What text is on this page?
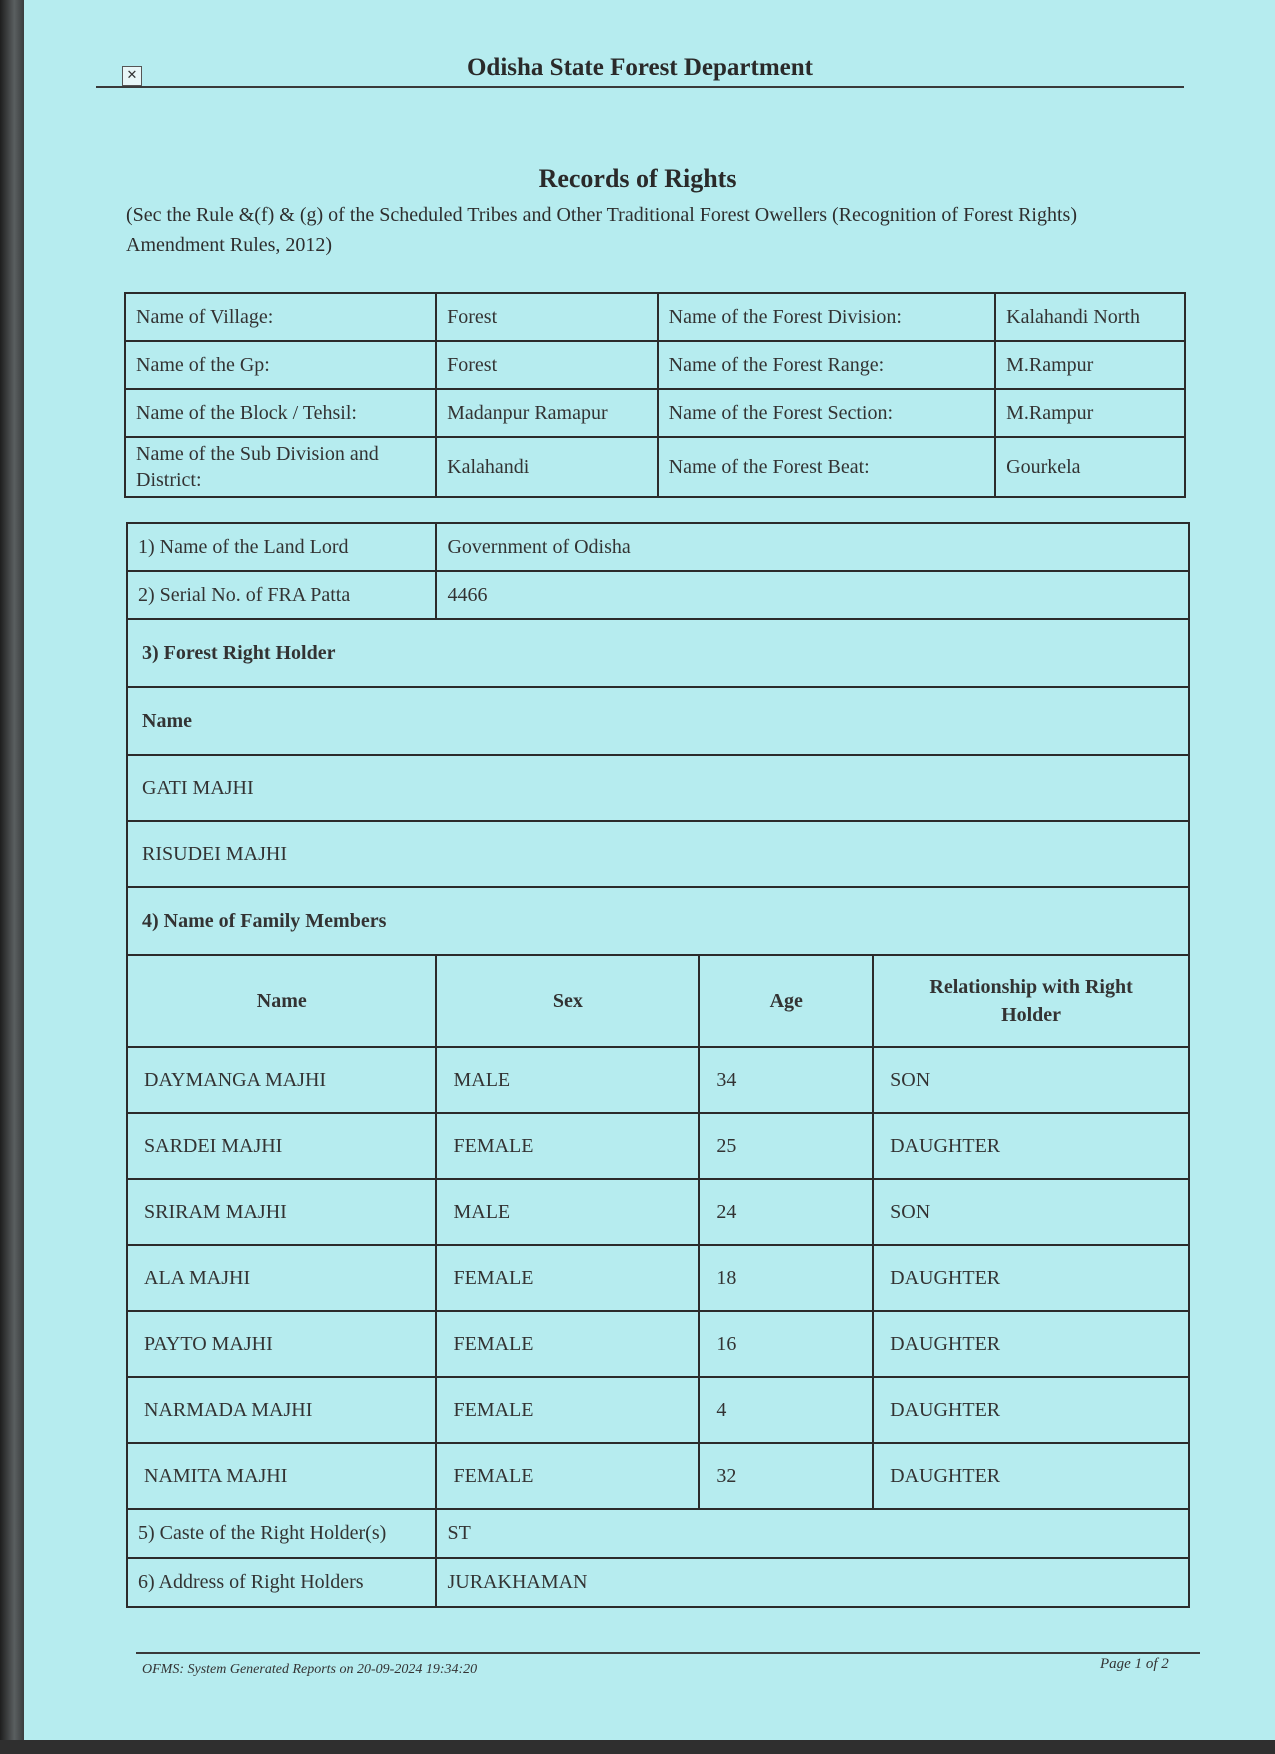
✕	Odisha State Forest Department
Records of Rights
(Sec the Rule &(f) & (g) of the Scheduled Tribes and Other Traditional Forest Owellers (Recognition of Forest Rights) Amendment Rules, 2012)
Name of Village:	Forest	Name of the Forest Division:	Kalahandi North
Name of the Gp:	Forest	Name of the Forest Range:	M.Rampur
Name of the Block / Tehsil:	Madanpur Ramapur	Name of the Forest Section:	M.Rampur
Name of the Sub Division and District:	Kalahandi	Name of the Forest Beat:	Gourkela
1) Name of the Land Lord	Government of Odisha		
2) Serial No. of FRA Patta	4466		
3) Forest Right Holder			
Name			
GATI MAJHI			
RISUDEI MAJHI			
4) Name of Family Members			
Name	Sex	Age	Relationship with Right Holder
DAYMANGA MAJHI	MALE	34	SON
SARDEI MAJHI	FEMALE	25	DAUGHTER
SRIRAM MAJHI	MALE	24	SON
ALA MAJHI	FEMALE	18	DAUGHTER
PAYTO MAJHI	FEMALE	16	DAUGHTER
NARMADA MAJHI	FEMALE	4	DAUGHTER
NAMITA MAJHI	FEMALE	32	DAUGHTER
5) Caste of the Right Holder(s)	ST		
6) Address of Right Holders	JURAKHAMAN		
OFMS: System Generated Reports on 20-09-2024 19:34:20	Page 1 of 2
